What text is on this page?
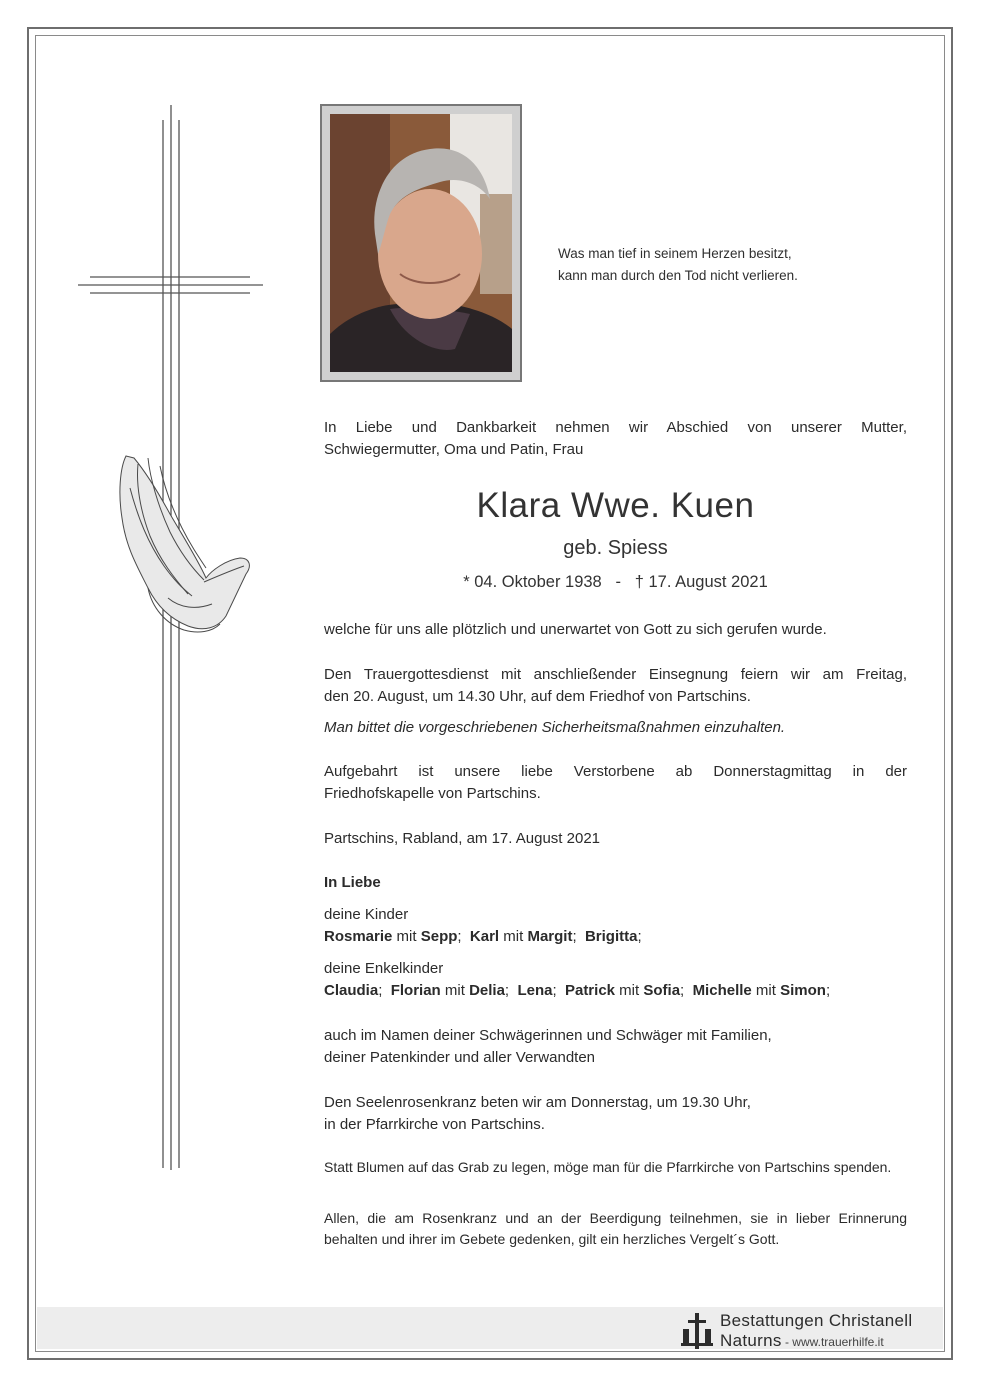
Was man tief in seinem Herzen besitzt,
kann man durch den Tod nicht verlieren.
In Liebe und Dankbarkeit nehmen wir Abschied von unserer Mutter,
Schwiegermutter, Oma und Patin, Frau
Klara Wwe. Kuen
geb. Spiess
* 04. Oktober 1938   -   † 17. August 2021
welche für uns alle plötzlich und unerwartet von Gott zu sich gerufen wurde.
Den Trauergottesdienst mit anschließender Einsegnung feiern wir am Freitag,
den 20. August, um 14.30 Uhr, auf dem Friedhof von Partschins.
Man bittet die vorgeschriebenen Sicherheitsmaßnahmen einzuhalten.
Aufgebahrt ist unsere liebe Verstorbene ab Donnerstagmittag in der
Friedhofskapelle von Partschins.
Partschins, Rabland, am 17. August 2021
In Liebe
deine Kinder
Rosmarie mit Sepp;  Karl mit Margit;  Brigitta;
deine Enkelkinder
Claudia;  Florian mit Delia;  Lena;  Patrick mit Sofia;  Michelle mit Simon;
auch im Namen deiner Schwägerinnen und Schwäger mit Familien,
deiner Patenkinder und aller Verwandten
Den Seelenrosenkranz beten wir am Donnerstag, um 19.30 Uhr,
in der Pfarrkirche von Partschins.
Statt Blumen auf das Grab zu legen, möge man für die Pfarrkirche von Partschins spenden.
Allen, die am Rosenkranz und an der Beerdigung teilnehmen, sie in lieber Erinnerung behalten und ihrer im Gebete gedenken, gilt ein herzliches Vergelt´s Gott.
Bestattungen Christanell
Naturns - www.trauerhilfe.it
